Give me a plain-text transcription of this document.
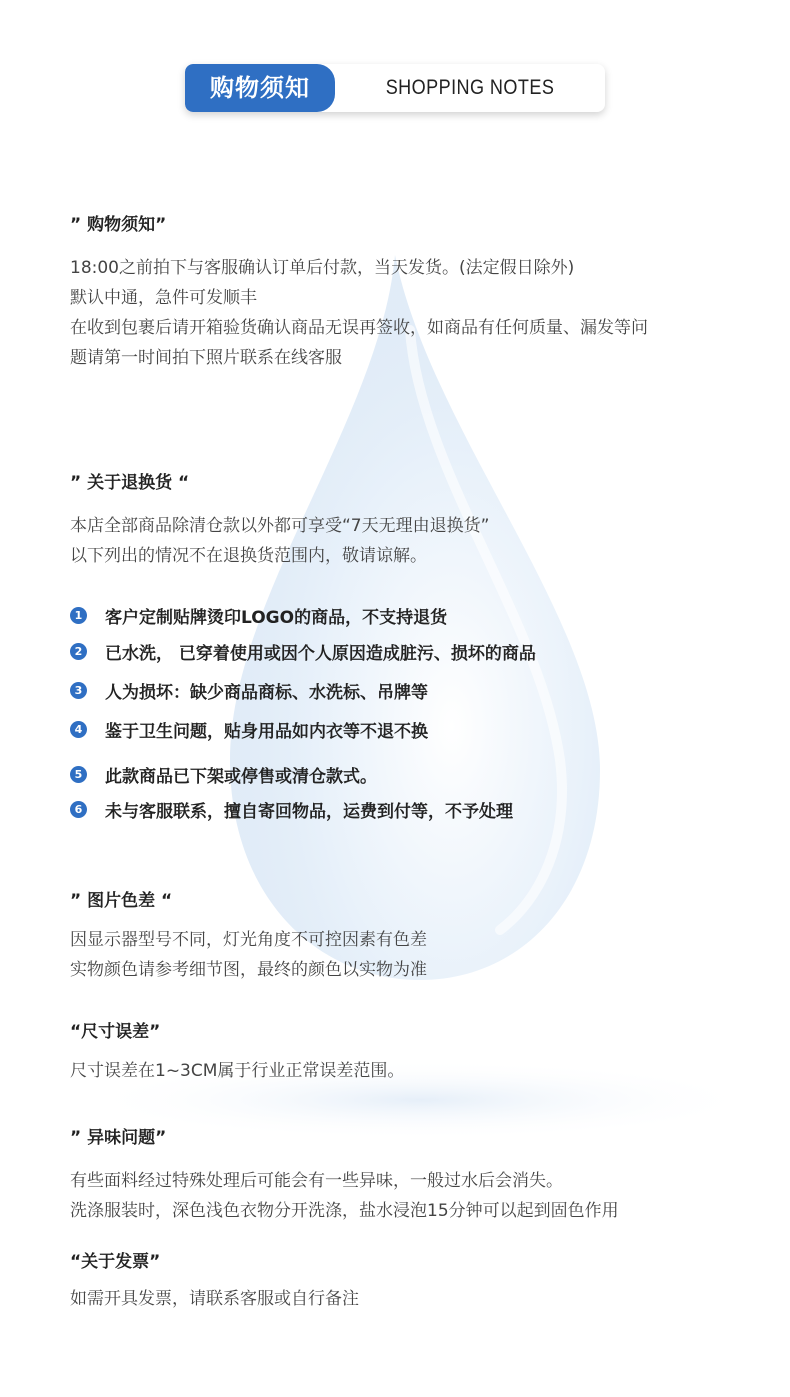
购物须知	SHOPPING NOTES

” 购物须知”

18:00之前拍下与客服确认订单后付款，当天发货。(法定假日除外)

默认中通，急件可发顺丰

在收到包裹后请开箱验货确认商品无误再签收，如商品有任何质量、漏发等问

题请第一时间拍下照片联系在线客服

” 关于退换货 “

本店全部商品除清仓款以外都可享受“7天无理由退换货”

以下列出的情况不在退换货范围内，敬请谅解。

1 客户定制贴牌烫印LOGO的商品，不支持退货
2 已水洗， 已穿着使用或因个人原因造成脏污、损坏的商品
3 人为损坏：缺少商品商标、水洗标、吊牌等
4 鉴于卫生问题，贴身用品如内衣等不退不换
5 此款商品已下架或停售或清仓款式。
6 未与客服联系，擅自寄回物品，运费到付等，不予处理

” 图片色差 “

因显示器型号不同，灯光角度不可控因素有色差

实物颜色请参考细节图，最终的颜色以实物为准

“尺寸误差”

尺寸误差在1~3CM属于行业正常误差范围。

” 异味问题”

有些面料经过特殊处理后可能会有一些异味，一般过水后会消失。

洗涤服装时，深色浅色衣物分开洗涤，盐水浸泡15分钟可以起到固色作用

“关于发票”

如需开具发票，请联系客服或自行备注
